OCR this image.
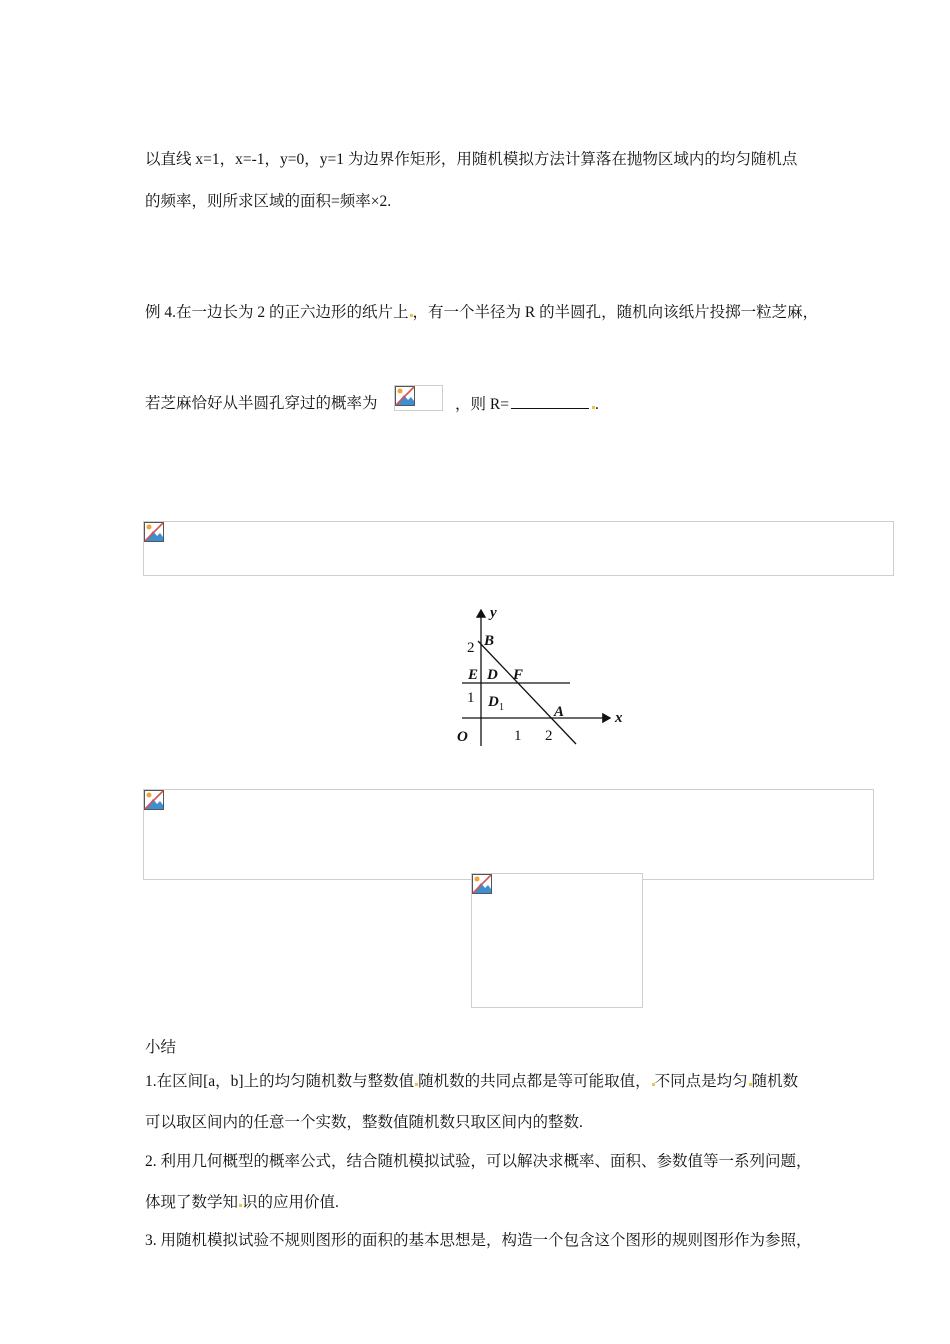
以直线 x=1，x=-1，y=0，y=1 为边界作矩形，用随机模拟方法计算落在抛物区域内的均匀随机点
的频率，则所求区域的面积=频率×2.
例 4.在一边长为 2 的正六边形的纸片上 ，有一个半径为 R 的半圆孔，随机向该纸片投掷一粒芝麻，
若芝麻恰好从半圆孔穿过的概率为	，则 R=	.
y
x
O
B
2
E D F
1 D 1	A
1 2
小结
1.在区间[a，b]上的均匀随机数与整数值 随机数的共同点都是等可能取值， 不同点是均匀 随机数
可以取区间内的任意一个实数，整数值随机数只取区间内的整数.
2. 利用几何概型的概率公式，结合随机模拟试验，可以解决求概率、面积、参数值等一系列问题，
体现了数学知 识的应用价值.
3. 用随机模拟试验不规则图形的面积的基本思想是，构造一个包含这个图形的规则图形作为参照，
